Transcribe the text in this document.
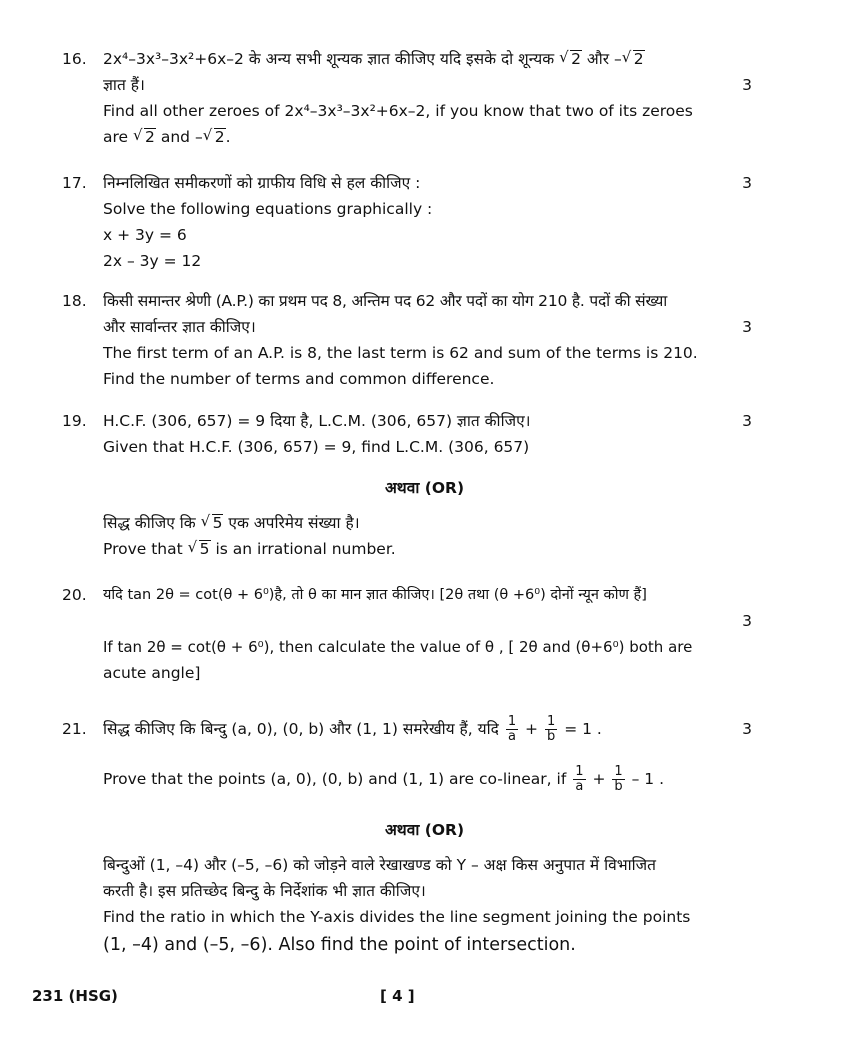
16.	2x⁴–3x³–3x²+6x–2 के अन्य सभी शून्यक ज्ञात कीजिए यदि इसके दो शून्यक √ 2 और – √ 2
ज्ञात हैं।
Find all other zeroes of 2x⁴–3x³–3x²+6x–2, if you know that two of its zeroes
are √ 2 and – √ 2.
3
17.	निम्नलिखित समीकरणों को ग्राफीय विधि से हल कीजिए :
Solve the following equations graphically :
x + 3y = 6
2x – 3y = 12
3
18.	किसी समान्तर श्रेणी (A.P.) का प्रथम पद 8, अन्तिम पद 62 और पदों का योग 210 है. पदों की संख्या
और सार्वान्तर ज्ञात कीजिए।
The first term of an A.P. is 8, the last term is 62 and sum of the terms is 210.
Find the number of terms and common difference.
3
19.	H.C.F. (306, 657) = 9 दिया है, L.C.M. (306, 657) ज्ञात कीजिए।
Given that H.C.F. (306, 657) = 9, find L.C.M. (306, 657)
3
अथवा (OR)
सिद्ध कीजिए कि √ 5 एक अपरिमेय संख्या है।
Prove that √ 5 is an irrational number.
20.	यदि tan 2θ = cot(θ + 6⁰)है, तो θ का मान ज्ञात कीजिए। [2θ तथा (θ +6⁰) दोनों न्यून कोण हैं]

If tan 2θ = cot(θ + 6⁰), then calculate the value of θ , [ 2θ and (θ+6⁰) both are
acute angle]
3
21.	सिद्ध कीजिए कि बिन्दु (a, 0), (0, b) और (1, 1) समरेखीय हैं, यदि $\frac{1}{a} + \frac{1}{b} = 1$ .
Prove that the points (a, 0), (0, b) and (1, 1) are co-linear, if $\frac{1}{a} + \frac{1}{b} - 1$ .
3
अथवा (OR)
बिन्दुओं (1, –4) और (–5, –6) को जोड़ने वाले रेखाखण्ड को Y – अक्ष किस अनुपात में विभाजित
करती है। इस प्रतिच्छेद बिन्दु के निर्देशांक भी ज्ञात कीजिए।
Find the ratio in which the Y-axis divides the line segment joining the points
(1, –4) and (–5, –6). Also find the point of intersection.
231 (HSG)	[ 4 ]
